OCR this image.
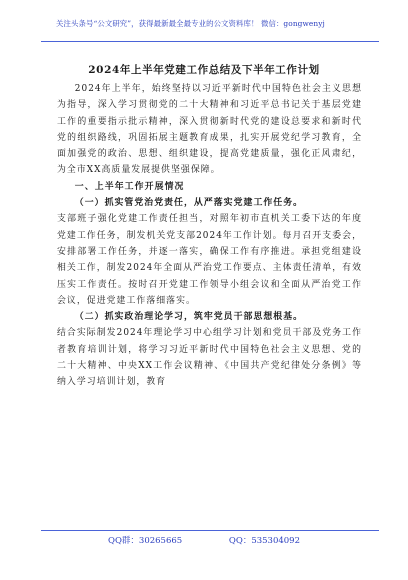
关注头条号“公文研究”，获得最新最全最专业的公文资料库！ 微信：gongwenyj
2024年上半年党建工作总结及下半年工作计划

2024年上半年，始终坚持以习近平新时代中国特色社会主义思想为指导，深入学习贯彻党的二十大精神和习近平总书记关于基层党建工作的重要指示批示精神，深入贯彻新时代党的建设总要求和新时代党的组织路线，巩固拓展主题教育成果，扎实开展党纪学习教育，全面加强党的政治、思想、组织建设，提高党建质量，强化正风肃纪，为全市XX高质量发展提供坚强保障。

一、上半年工作开展情况

（一）抓实管党治党责任，从严落实党建工作任务。

支部班子强化党建工作责任担当，对照年初市直机关工委下达的年度党建工作任务，制发机关党支部2024年工作计划。每月召开支委会，安排部署工作任务，并逐一落实，确保工作有序推进。承担党组建设相关工作，制发2024年全面从严治党工作要点、主体责任清单，有效压实工作责任。按时召开党建工作领导小组会议和全面从严治党工作会议，促进党建工作落细落实。

（二）抓实政治理论学习，筑牢党员干部思想根基。

结合实际制发2024年理论学习中心组学习计划和党员干部及党务工作者教育培训计划，将学习习近平新时代中国特色社会主义思想、党的二十大精神、中央XX工作会议精神、《中国共产党纪律处分条例》等纳入学习培训计划，教育

QQ群：30265665	QQ：535304092
